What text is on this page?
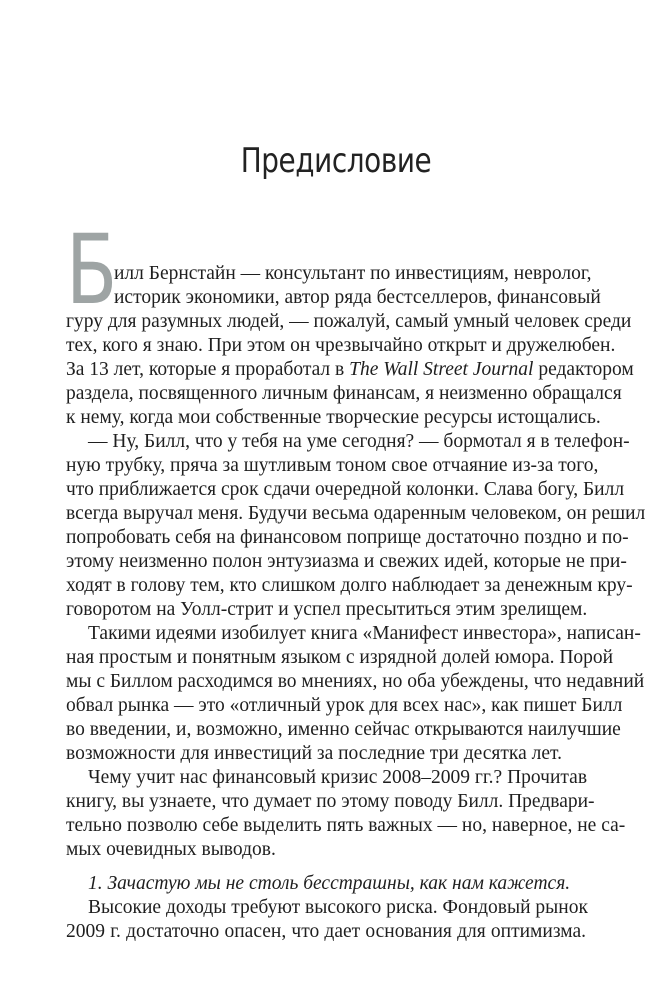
Предисловие
Б
илл Бернстайн — консультант по инвестициям, невролог,
историк экономики, автор ряда бестселлеров, финансовый
гуру для разумных людей, — пожалуй, самый умный человек среди
тех, кого я знаю. При этом он чрезвычайно открыт и дружелюбен.
За 13 лет, которые я проработал в The Wall Street Journal редактором
раздела, посвященного личным финансам, я неизменно обращался
к нему, когда мои собственные творческие ресурсы истощались.
— Ну, Билл, что у тебя на уме сегодня? — бормотал я в телефон-
ную трубку, пряча за шутливым тоном свое отчаяние из-за того,
что приближается срок сдачи очередной колонки. Слава богу, Билл
всегда выручал меня. Будучи весьма одаренным человеком, он решил
попробовать себя на финансовом поприще достаточно поздно и по-
этому неизменно полон энтузиазма и свежих идей, которые не при-
ходят в голову тем, кто слишком долго наблюдает за денежным кру-
говоротом на Уолл-стрит и успел пресытиться этим зрелищем.
Такими идеями изобилует книга «Манифест инвестора», написан-
ная простым и понятным языком с изрядной долей юмора. Порой
мы с Биллом расходимся во мнениях, но оба убеждены, что недавний
обвал рынка — это «отличный урок для всех нас», как пишет Билл
во введении, и, возможно, именно сейчас открываются наилучшие
возможности для инвестиций за последние три десятка лет.
Чему учит нас финансовый кризис 2008–2009 гг.? Прочитав
книгу, вы узнаете, что думает по этому поводу Билл. Предвари-
тельно позволю себе выделить пять важных — но, наверное, не са-
мых очевидных выводов.
1. Зачастую мы не столь бесстрашны, как нам кажется.
Высокие доходы требуют высокого риска. Фондовый рынок
2009 г. достаточно опасен, что дает основания для оптимизма.
